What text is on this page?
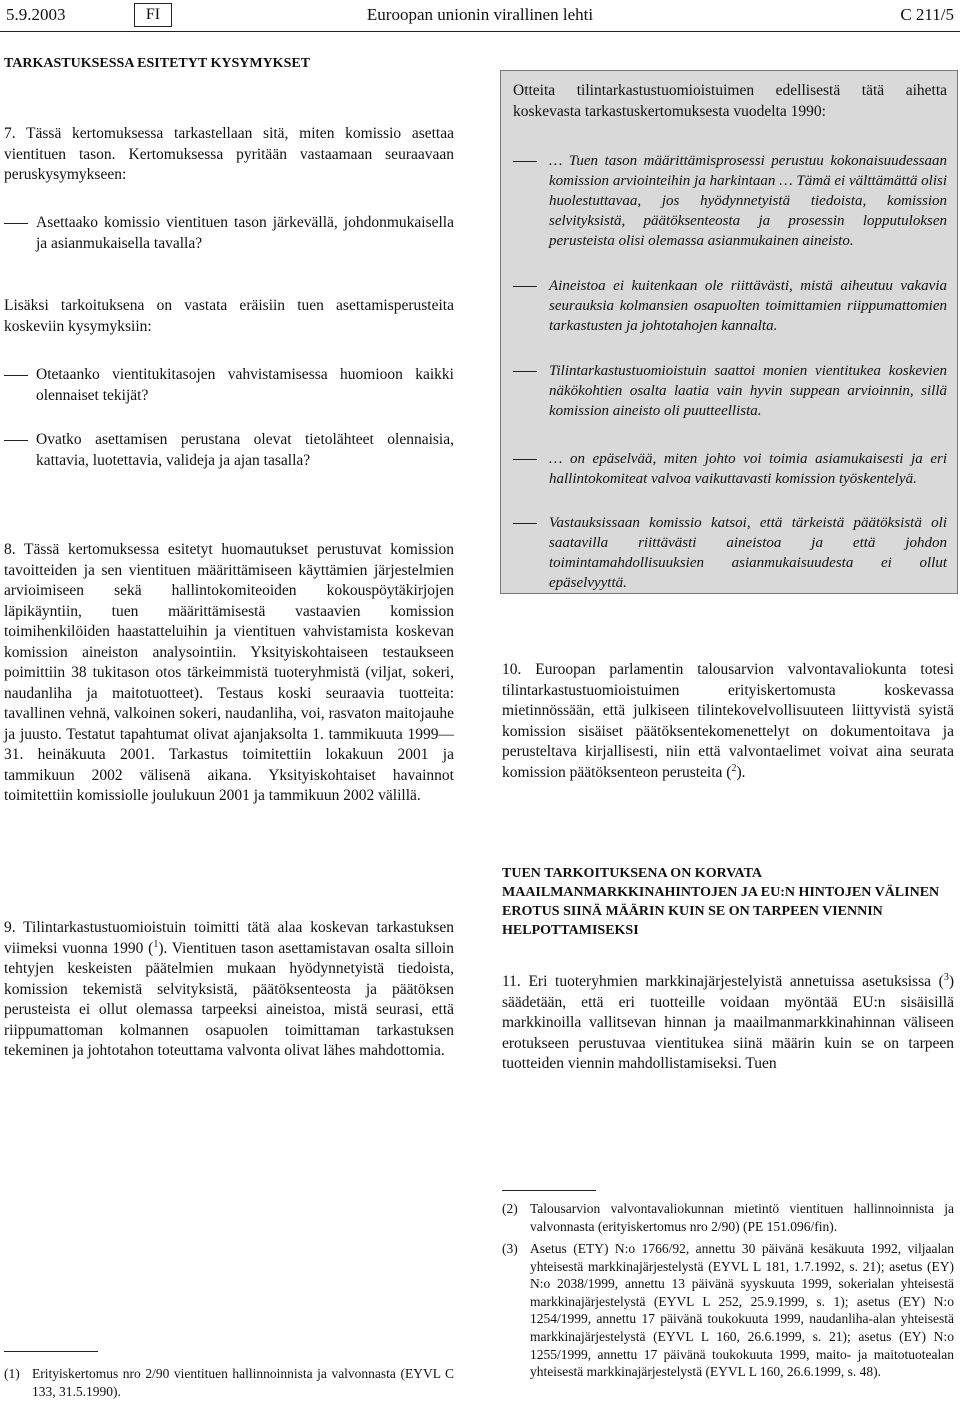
5.9.2003	FI	Euroopan unionin virallinen lehti	C 211/5

TARKASTUKSESSA ESITETYT KYSYMYKSET

7. Tässä kertomuksessa tarkastellaan sitä, miten komissio asettaa vientituen tason. Kertomuksessa pyritään vastaamaan seuraavaan peruskysymykseen:

Asettaako komissio vientituen tason järkevällä, johdonmukaisella ja asianmukaisella tavalla?

Lisäksi tarkoituksena on vastata eräisiin tuen asettamisperusteita koskeviin kysymyksiin:

Otetaanko vientitukitasojen vahvistamisessa huomioon kaikki olennaiset tekijät?
Ovatko asettamisen perustana olevat tietolähteet olennaisia, kattavia, luotettavia, valideja ja ajan tasalla?

8. Tässä kertomuksessa esitetyt huomautukset perustuvat komission tavoitteiden ja sen vientituen määrittämiseen käyttämien järjestelmien arvioimiseen sekä hallintokomiteoiden kokouspöytäkirjojen läpikäyntiin, tuen määrittämisestä vastaavien komission toimihenkilöiden haastatteluihin ja vientituen vahvistamista koskevan komission aineiston analysointiin. Yksityiskohtaiseen testaukseen poimittiin 38 tukitason otos tärkeimmistä tuoteryhmistä (viljat, sokeri, naudanliha ja maitotuotteet). Testaus koski seuraavia tuotteita: tavallinen vehnä, valkoinen sokeri, naudanliha, voi, rasvaton maitojauhe ja juusto. Testatut tapahtumat olivat ajanjaksolta 1. tammikuuta 1999—31. heinäkuuta 2001. Tarkastus toimitettiin lokakuun 2001 ja tammikuun 2002 välisenä aikana. Yksityiskohtaiset havainnot toimitettiin komissiolle joulukuun 2001 ja tammikuun 2002 välillä.

9. Tilintarkastustuomioistuin toimitti tätä alaa koskevan tarkastuksen viimeksi vuonna 1990 ($^1$). Vientituen tason asettamistavan osalta silloin tehtyjen keskeisten päätelmien mukaan hyödynnetyistä tiedoista, komission tekemistä selvityksistä, päätöksenteosta ja päätöksen perusteista ei ollut olemassa tarpeeksi aineistoa, mistä seurasi, että riippumattoman kolmannen osapuolen toimittaman tarkastuksen tekeminen ja johtotahon toteuttama valvonta olivat lähes mahdottomia.

(1) Erityiskertomus nro 2/90 vientituen hallinnoinnista ja valvonnasta (EYVL C 133, 31.5.1990).
Otteita tilintarkastustuomioistuimen edellisestä tätä aihetta koskevasta tarkastuskertomuksesta vuodelta 1990:
… Tuen tason määrittämisprosessi perustuu kokonaisuudessaan komission arviointeihin ja harkintaan … Tämä ei välttämättä olisi huolestuttavaa, jos hyödynnetyistä tiedoista, komission selvityksistä, päätöksenteosta ja prosessin lopputuloksen perusteista olisi olemassa asianmukainen aineisto.
Aineistoa ei kuitenkaan ole riittävästi, mistä aiheutuu vakavia seurauksia kolmansien osapuolten toimittamien riippumattomien tarkastusten ja johtotahojen kannalta.
Tilintarkastustuomioistuin saattoi monien vientitukea koskevien näkökohtien osalta laatia vain hyvin suppean arvioinnin, sillä komission aineisto oli puutteellista.
… on epäselvää, miten johto voi toimia asiamukaisesti ja eri hallintokomiteat valvoa vaikuttavasti komission työskentelyä.
Vastauksissaan komissio katsoi, että tärkeistä päätöksistä oli saatavilla riittävästi aineistoa ja että johdon toimintamahdollisuuksien asianmukaisuudesta ei ollut epäselvyyttä.

10. Euroopan parlamentin talousarvion valvontavaliokunta totesi tilintarkastustuomioistuimen erityiskertomusta koskevassa mietinnössään, että julkiseen tilintekovelvollisuuteen liittyvistä syistä komission sisäiset päätöksentekomenettelyt on dokumentoitava ja perusteltava kirjallisesti, niin että valvontaelimet voivat aina seurata komission päätöksenteon perusteita ($^2$).

TUEN TARKOITUKSENA ON KORVATA MAAILMANMARKKINAHINTOJEN JA EU:N HINTOJEN VÄLINEN EROTUS SIINÄ MÄÄRIN KUIN SE ON TARPEEN VIENNIN HELPOTTAMISEKSI

11. Eri tuoteryhmien markkinajärjestelyistä annetuissa asetuksissa ($^3$) säädetään, että eri tuotteille voidaan myöntää EU:n sisäisillä markkinoilla vallitsevan hinnan ja maailmanmarkkinahinnan väliseen erotukseen perustuvaa vientitukea siinä määrin kuin se on tarpeen tuotteiden viennin mahdollistamiseksi. Tuen

(2) Talousarvion valvontavaliokunnan mietintö vientituen hallinnoinnista ja valvonnasta (erityiskertomus nro 2/90) (PE 151.096/fin).
(3) Asetus (ETY) N:o 1766/92, annettu 30 päivänä kesäkuuta 1992, viljaalan yhteisestä markkinajärjestelystä (EYVL L 181, 1.7.1992, s. 21); asetus (EY) N:o 2038/1999, annettu 13 päivänä syyskuuta 1999, sokerialan yhteisestä markkinajärjestelystä (EYVL L 252, 25.9.1999, s. 1); asetus (EY) N:o 1254/1999, annettu 17 päivänä toukokuuta 1999, naudanliha-alan yhteisestä markkinajärjestelystä (EYVL L 160, 26.6.1999, s. 21); asetus (EY) N:o 1255/1999, annettu 17 päivänä toukokuuta 1999, maito- ja maitotuotealan yhteisestä markkinajärjestelystä (EYVL L 160, 26.6.1999, s. 48).
